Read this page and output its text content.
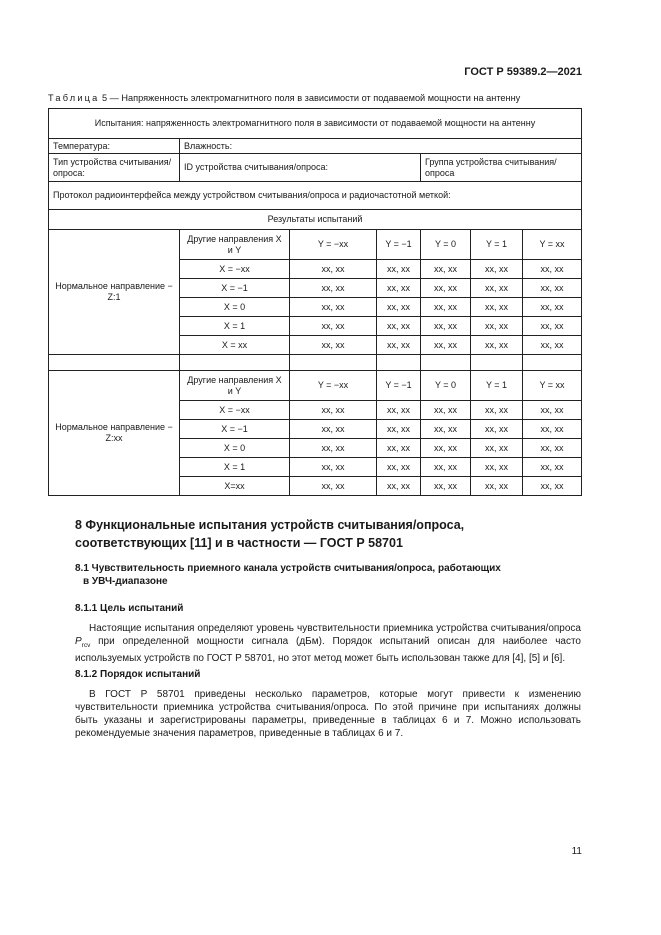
ГОСТ Р 59389.2—2021
Таблица 5 — Напряженность электромагнитного поля в зависимости от подаваемой мощности на антенну
Испытания: напряженность электромагнитного поля в зависимости от подаваемой мощности на антенну						
Температура:	Влажность:					
Тип устройства считывания/опроса:	ID устройства считывания/опроса:			Группа устройства считывания/ опроса		
Протокол радиоинтерфейса между устройством считывания/опроса и радиочастотной меткой:						
Результаты испытаний						
Нормальное направление − Z:1	Другие направления X и Y	Y = −xx	Y = −1	Y = 0	Y = 1	Y = xx
	X = −xx	xx, xx	xx, xx	xx, xx	xx, xx	xx, xx
	X = −1	xx, xx	xx, xx	xx, xx	xx, xx	xx, xx
	X = 0	xx, xx	xx, xx	xx, xx	xx, xx	xx, xx
	X = 1	xx, xx	xx, xx	xx, xx	xx, xx	xx, xx
	X = xx	xx, xx	xx, xx	xx, xx	xx, xx	xx, xx

Нормальное направление − Z:xx	Другие направления X и Y	Y = −xx	Y = −1	Y = 0	Y = 1	Y = xx
	X = −xx	xx, xx	xx, xx	xx, xx	xx, xx	xx, xx
	X = −1	xx, xx	xx, xx	xx, xx	xx, xx	xx, xx
	X = 0	xx, xx	xx, xx	xx, xx	xx, xx	xx, xx
	X = 1	xx, xx	xx, xx	xx, xx	xx, xx	xx, xx
	X=xx	xx, xx	xx, xx	xx, xx	xx, xx	xx, xx
8 Функциональные испытания устройств считывания/опроса,
соответствующих [11] и в частности — ГОСТ Р 58701
8.1 Чувствительность приемного канала устройств считывания/опроса, работающих
в УВЧ-диапазоне
8.1.1 Цель испытаний
Настоящие испытания определяют уровень чувствительности приемника устройства считывания/опроса $P_{rcv}$ при определенной мощности сигнала (дБм). Порядок испытаний описан для наиболее часто используемых устройств по ГОСТ Р 58701, но этот метод может быть использован также для [4], [5] и [6].
8.1.2 Порядок испытаний
В ГОСТ Р 58701 приведены несколько параметров, которые могут привести к изменению чувствительности приемника устройства считывания/опроса. По этой причине при испытаниях должны быть указаны и зарегистрированы параметры, приведенные в таблицах 6 и 7. Можно использовать рекомендуемые значения параметров, приведенные в таблицах 6 и 7.
11
